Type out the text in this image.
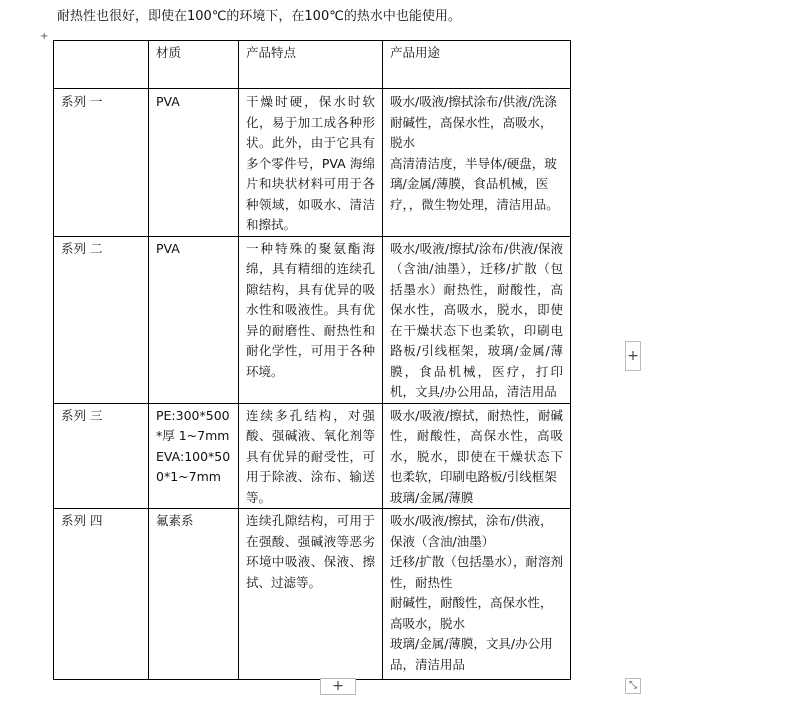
耐热性也很好，即使在100℃的环境下，在100℃的热水中也能使用。
+
	材质	产品特点	产品用途
系列 一	PVA	干燥时硬，保水时软化，易于加工成各种形状。此外，由于它具有多个零件号，PVA 海绵片和块状材料可用于各种领域，如吸水、清洁和擦拭。	吸水/吸液/擦拭涂布/供液/洗涤
耐碱性，高保水性，高吸水，脱水
高清清洁度，半导体/硬盘，玻璃/金属/薄膜，食品机械，医疗，，微生物处理，清洁用品。

系列 二	PVA	一种特殊的聚氨酯海绵，具有精细的连续孔隙结构，具有优异的吸水性和吸液性。具有优异的耐磨性、耐热性和耐化学性，可用于各种环境。	吸水/吸液/擦拭/涂布/供液/保液（含油/油墨），迁移/扩散（包括墨水）耐热性，耐酸性，高保水性，高吸水，脱水，即使在干燥状态下也柔软，印刷电路板/引线框架，玻璃/金属/薄膜，食品机械，医疗，打印机，文具/办公用品，清洁用品

系列 三	PE:300*500*厚 1~7mm
EVA:100*500*1~7mm	连续多孔结构，对强酸、强碱液、氧化剂等具有优异的耐受性，可用于除液、涂布、输送等。	吸水/吸液/擦拭，耐热性，耐碱性，耐酸性，高保水性，高吸水，脱水，即使在干燥状态下也柔软，印刷电路板/引线框架
玻璃/金属/薄膜

系列 四	氟素系	连续孔隙结构，可用于在强酸、强碱液等恶劣环境中吸液、保液、擦拭、过滤等。	吸水/吸液/擦拭，涂布/供液，保液（含油/油墨）
迁移/扩散（包括墨水），耐溶剂性，耐热性
耐碱性，耐酸性，高保水性，高吸水，脱水
玻璃/金属/薄膜，文具/办公用品，清洁用品
+
+	⤡
